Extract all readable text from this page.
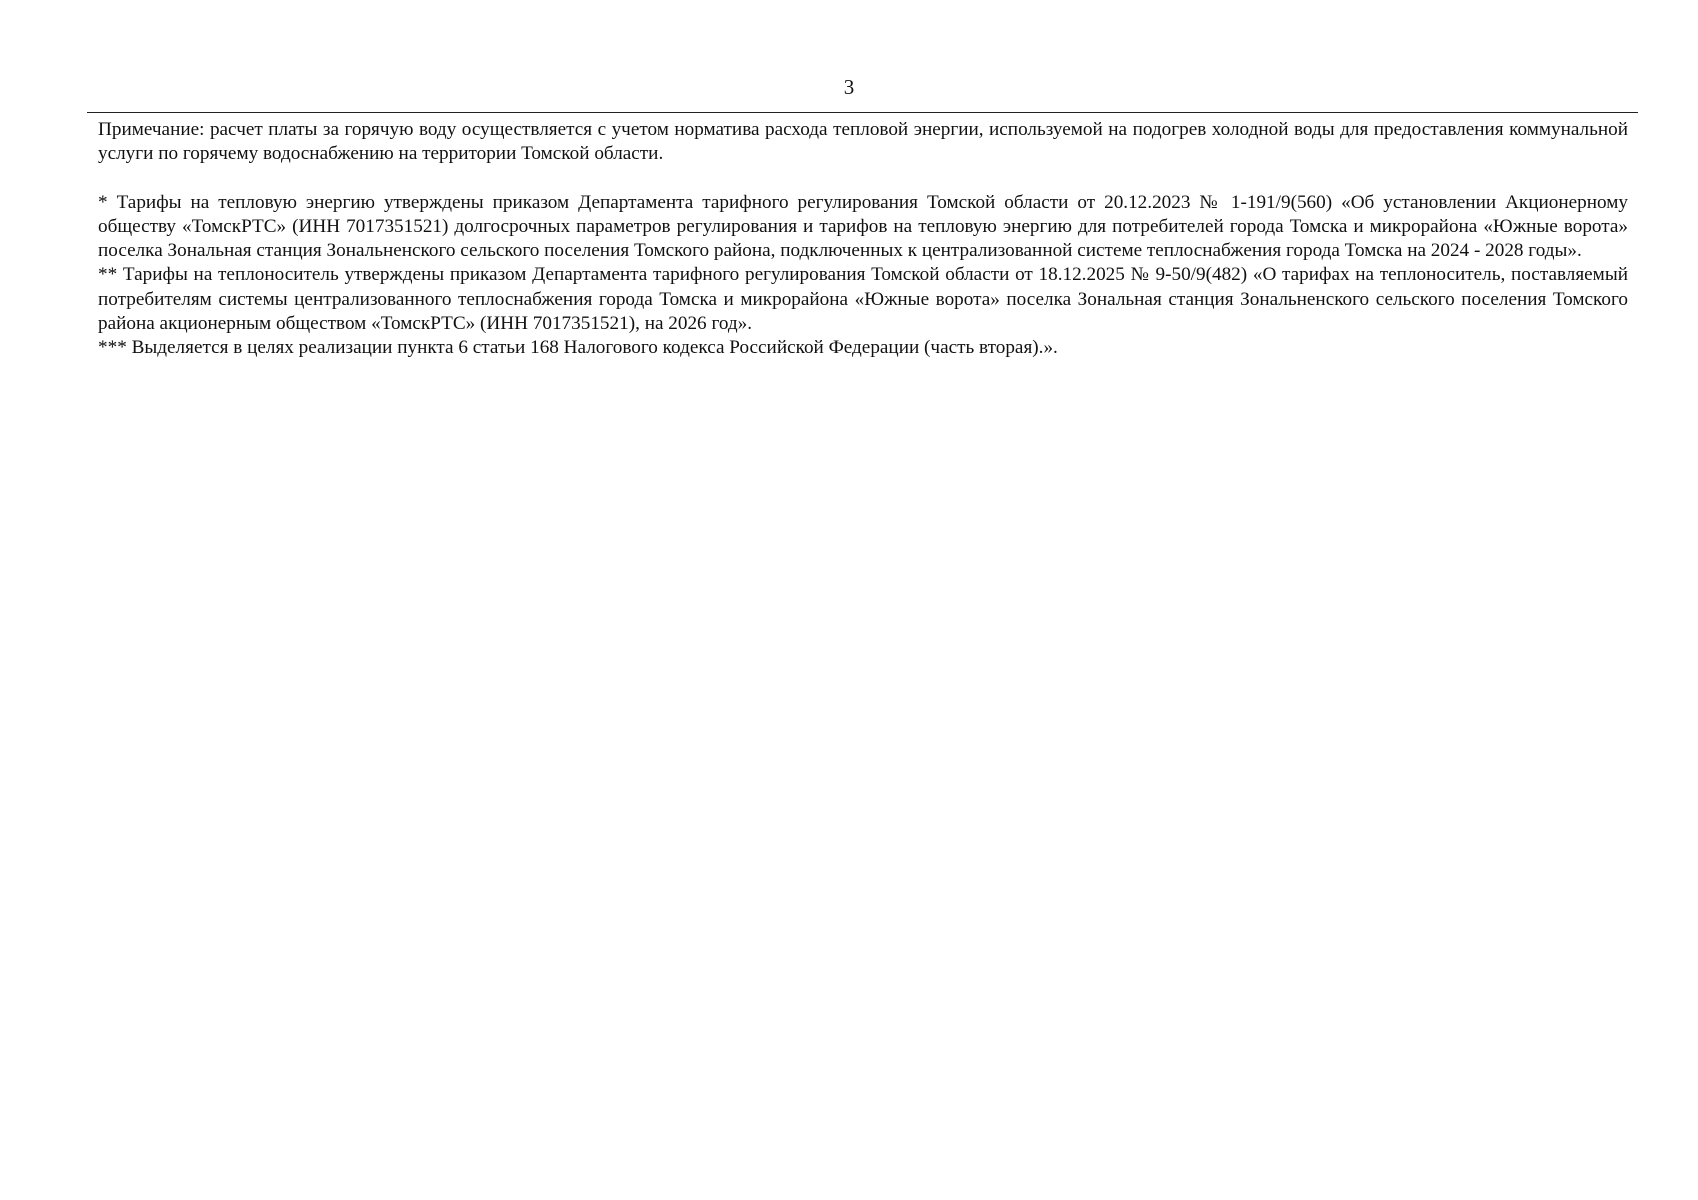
3

Примечание: расчет платы за горячую воду осуществляется с учетом норматива расхода тепловой энергии, используемой на подогрев холодной воды для предоставления коммунальной услуги по горячему водоснабжению на территории Томской области.

* Тарифы на тепловую энергию утверждены приказом Департамента тарифного регулирования Томской области от 20.12.2023 № 1-191/9(560) «Об установлении Акционерному обществу «ТомскРТС» (ИНН 7017351521) долгосрочных параметров регулирования и тарифов на тепловую энергию для потребителей города Томска и микрорайона «Южные ворота» поселка Зональная станция Зональненского сельского поселения Томского района, подключенных к централизованной системе теплоснабжения города Томска на 2024 - 2028 годы».

** Тарифы на теплоноситель утверждены приказом Департамента тарифного регулирования Томской области от 18.12.2025 № 9-50/9(482) «О тарифах на теплоноситель, поставляемый потребителям системы централизованного теплоснабжения города Томска и микрорайона «Южные ворота» поселка Зональная станция Зональненского сельского поселения Томского района акционерным обществом «ТомскРТС» (ИНН 7017351521), на 2026 год».

*** Выделяется в целях реализации пункта 6 статьи 168 Налогового кодекса Российской Федерации (часть вторая).».
